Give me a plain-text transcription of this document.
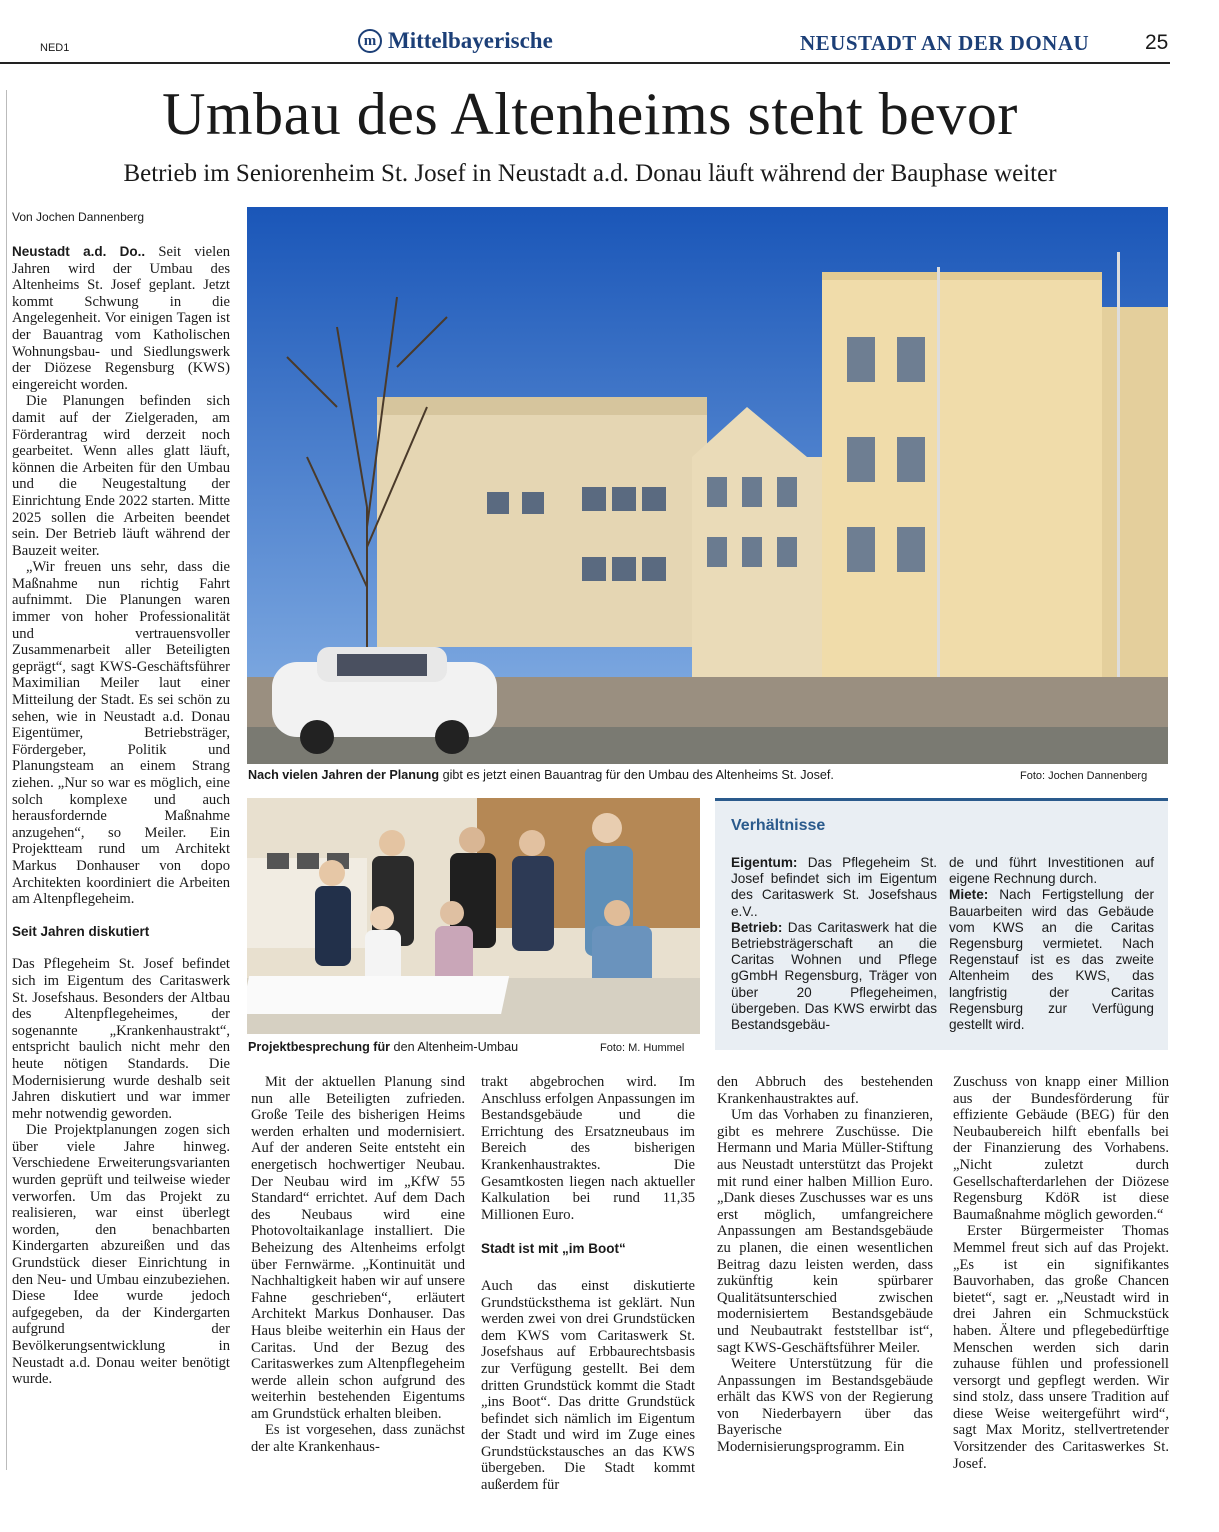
NED1	m Mittelbayerische	NEUSTADT AN DER DONAU	25
Umbau des Altenheims steht bevor
Betrieb im Seniorenheim St. Josef in Neustadt a.d. Donau läuft während der Bauphase weiter
Von Jochen Dannenberg

Neustadt a.d. Do.. Seit vielen Jahren wird der Umbau des Altenheims St. Josef geplant. Jetzt kommt Schwung in die Angelegenheit. Vor einigen Tagen ist der Bauantrag vom Katholischen Wohnungsbau- und Siedlungswerk der Diözese Regensburg (KWS) eingereicht worden.

Die Planungen befinden sich damit auf der Zielgeraden, am Förderantrag wird derzeit noch gearbeitet. Wenn alles glatt läuft, können die Arbeiten für den Umbau und die Neugestaltung der Einrichtung Ende 2022 starten. Mitte 2025 sollen die Arbeiten beendet sein. Der Betrieb läuft während der Bauzeit weiter.

„Wir freuen uns sehr, dass die Maßnahme nun richtig Fahrt aufnimmt. Die Planungen waren immer von hoher Professionalität und vertrauensvoller Zusammenarbeit aller Beteiligten geprägt“, sagt KWS-Geschäftsführer Maximilian Meiler laut einer Mitteilung der Stadt. Es sei schön zu sehen, wie in Neustadt a.d. Donau Eigentümer, Betriebsträger, Fördergeber, Politik und Planungsteam an einem Strang ziehen. „Nur so war es möglich, eine solch komplexe und auch herausfordernde Maßnahme anzugehen“, so Meiler. Ein Projektteam rund um Architekt Markus Donhauser von dopo Architekten koordiniert die Arbeiten am Altenpflegeheim.

Seit Jahren diskutiert

Das Pflegeheim St. Josef befindet sich im Eigentum des Caritaswerk St. Josefshaus. Besonders der Altbau des Altenpflegeheimes, der sogenannte „Krankenhaustrakt“, entspricht baulich nicht mehr den heute nötigen Standards. Die Modernisierung wurde deshalb seit Jahren diskutiert und war immer mehr notwendig geworden.

Die Projektplanungen zogen sich über viele Jahre hinweg. Verschiedene Erweiterungsvarianten wurden geprüft und teilweise wieder verworfen. Um das Projekt zu realisieren, war einst überlegt worden, den benachbarten Kindergarten abzureißen und das Grundstück dieser Einrichtung in den Neu- und Umbau einzubeziehen. Diese Idee wurde jedoch aufgegeben, da der Kindergarten aufgrund der Bevölkerungsentwicklung in Neustadt a.d. Donau weiter benötigt wurde.

Nach vielen Jahren der Planung gibt es jetzt einen Bauantrag für den Umbau des Altenheims St. Josef.	Foto: Jochen Dannenberg
Projektbesprechung für den Altenheim-Umbau	Foto: M. Hummel
Verhältnisse

Eigentum: Das Pflegeheim St. Josef befindet sich im Eigentum des Caritaswerk St. Josefshaus e.V..

Betrieb: Das Caritaswerk hat die Betriebsträgerschaft an die Caritas Wohnen und Pflege gGmbH Regensburg, Träger von über 20 Pflegeheimen, übergeben. Das KWS erwirbt das Bestandsgebäu-

de und führt Investitionen auf eigene Rechnung durch.

Miete: Nach Fertigstellung der Bauarbeiten wird das Gebäude vom KWS an die Caritas Regensburg vermietet. Nach Regenstauf ist es das zweite Altenheim des KWS, das langfristig der Caritas Regensburg zur Verfügung gestellt wird.

Mit der aktuellen Planung sind nun alle Beteiligten zufrieden. Große Teile des bisherigen Heims werden erhalten und modernisiert. Auf der anderen Seite entsteht ein energetisch hochwertiger Neubau. Der Neubau wird im „KfW 55 Standard“ errichtet. Auf dem Dach des Neubaus wird eine Photovoltaikanlage installiert. Die Beheizung des Altenheims erfolgt über Fernwärme. „Kontinuität und Nachhaltigkeit haben wir auf unsere Fahne geschrieben“, erläutert Architekt Markus Donhauser. Das Haus bleibe weiterhin ein Haus der Caritas. Und der Bezug des Caritaswerkes zum Altenpflegeheim werde allein schon aufgrund des weiterhin bestehenden Eigentums am Grundstück erhalten bleiben.

Es ist vorgesehen, dass zunächst der alte Krankenhaus-

trakt abgebrochen wird. Im Anschluss erfolgen Anpassungen im Bestandsgebäude und die Errichtung des Ersatzneubaus im Bereich des bisherigen Krankenhaustraktes. Die Gesamtkosten liegen nach aktueller Kalkulation bei rund 11,35 Millionen Euro.

Stadt ist mit „im Boot“

Auch das einst diskutierte Grundstücksthema ist geklärt. Nun werden zwei von drei Grundstücken dem KWS vom Caritaswerk St. Josefshaus auf Erbbaurechtsbasis zur Verfügung gestellt. Bei dem dritten Grundstück kommt die Stadt „ins Boot“. Das dritte Grundstück befindet sich nämlich im Eigentum der Stadt und wird im Zuge eines Grundstückstausches an das KWS übergeben. Die Stadt kommt außerdem für

den Abbruch des bestehenden Krankenhaustraktes auf.

Um das Vorhaben zu finanzieren, gibt es mehrere Zuschüsse. Die Hermann und Maria Müller-Stiftung aus Neustadt unterstützt das Projekt mit rund einer halben Million Euro. „Dank dieses Zuschusses war es uns erst möglich, umfangreichere Anpassungen am Bestandsgebäude zu planen, die einen wesentlichen Beitrag dazu leisten werden, dass zukünftig kein spürbarer Qualitätsunterschied zwischen modernisiertem Bestandsgebäude und Neubautrakt feststellbar ist“, sagt KWS-Geschäftsführer Meiler.

Weitere Unterstützung für die Anpassungen im Bestandsgebäude erhält das KWS von der Regierung von Niederbayern über das Bayerische Modernisierungsprogramm. Ein

Zuschuss von knapp einer Million aus der Bundesförderung für effiziente Gebäude (BEG) für den Neubaubereich hilft ebenfalls bei der Finanzierung des Vorhabens. „Nicht zuletzt durch Gesellschafterdarlehen der Diözese Regensburg KdöR ist diese Baumaßnahme möglich geworden.“

Erster Bürgermeister Thomas Memmel freut sich auf das Projekt. „Es ist ein signifikantes Bauvorhaben, das große Chancen bietet“, sagt er. „Neustadt wird in drei Jahren ein Schmuckstück haben. Ältere und pflegebedürftige Menschen werden sich darin zuhause fühlen und professionell versorgt und gepflegt werden. Wir sind stolz, dass unsere Tradition auf diese Weise weitergeführt wird“, sagt Max Moritz, stellvertretender Vorsitzender des Caritaswerkes St. Josef.
